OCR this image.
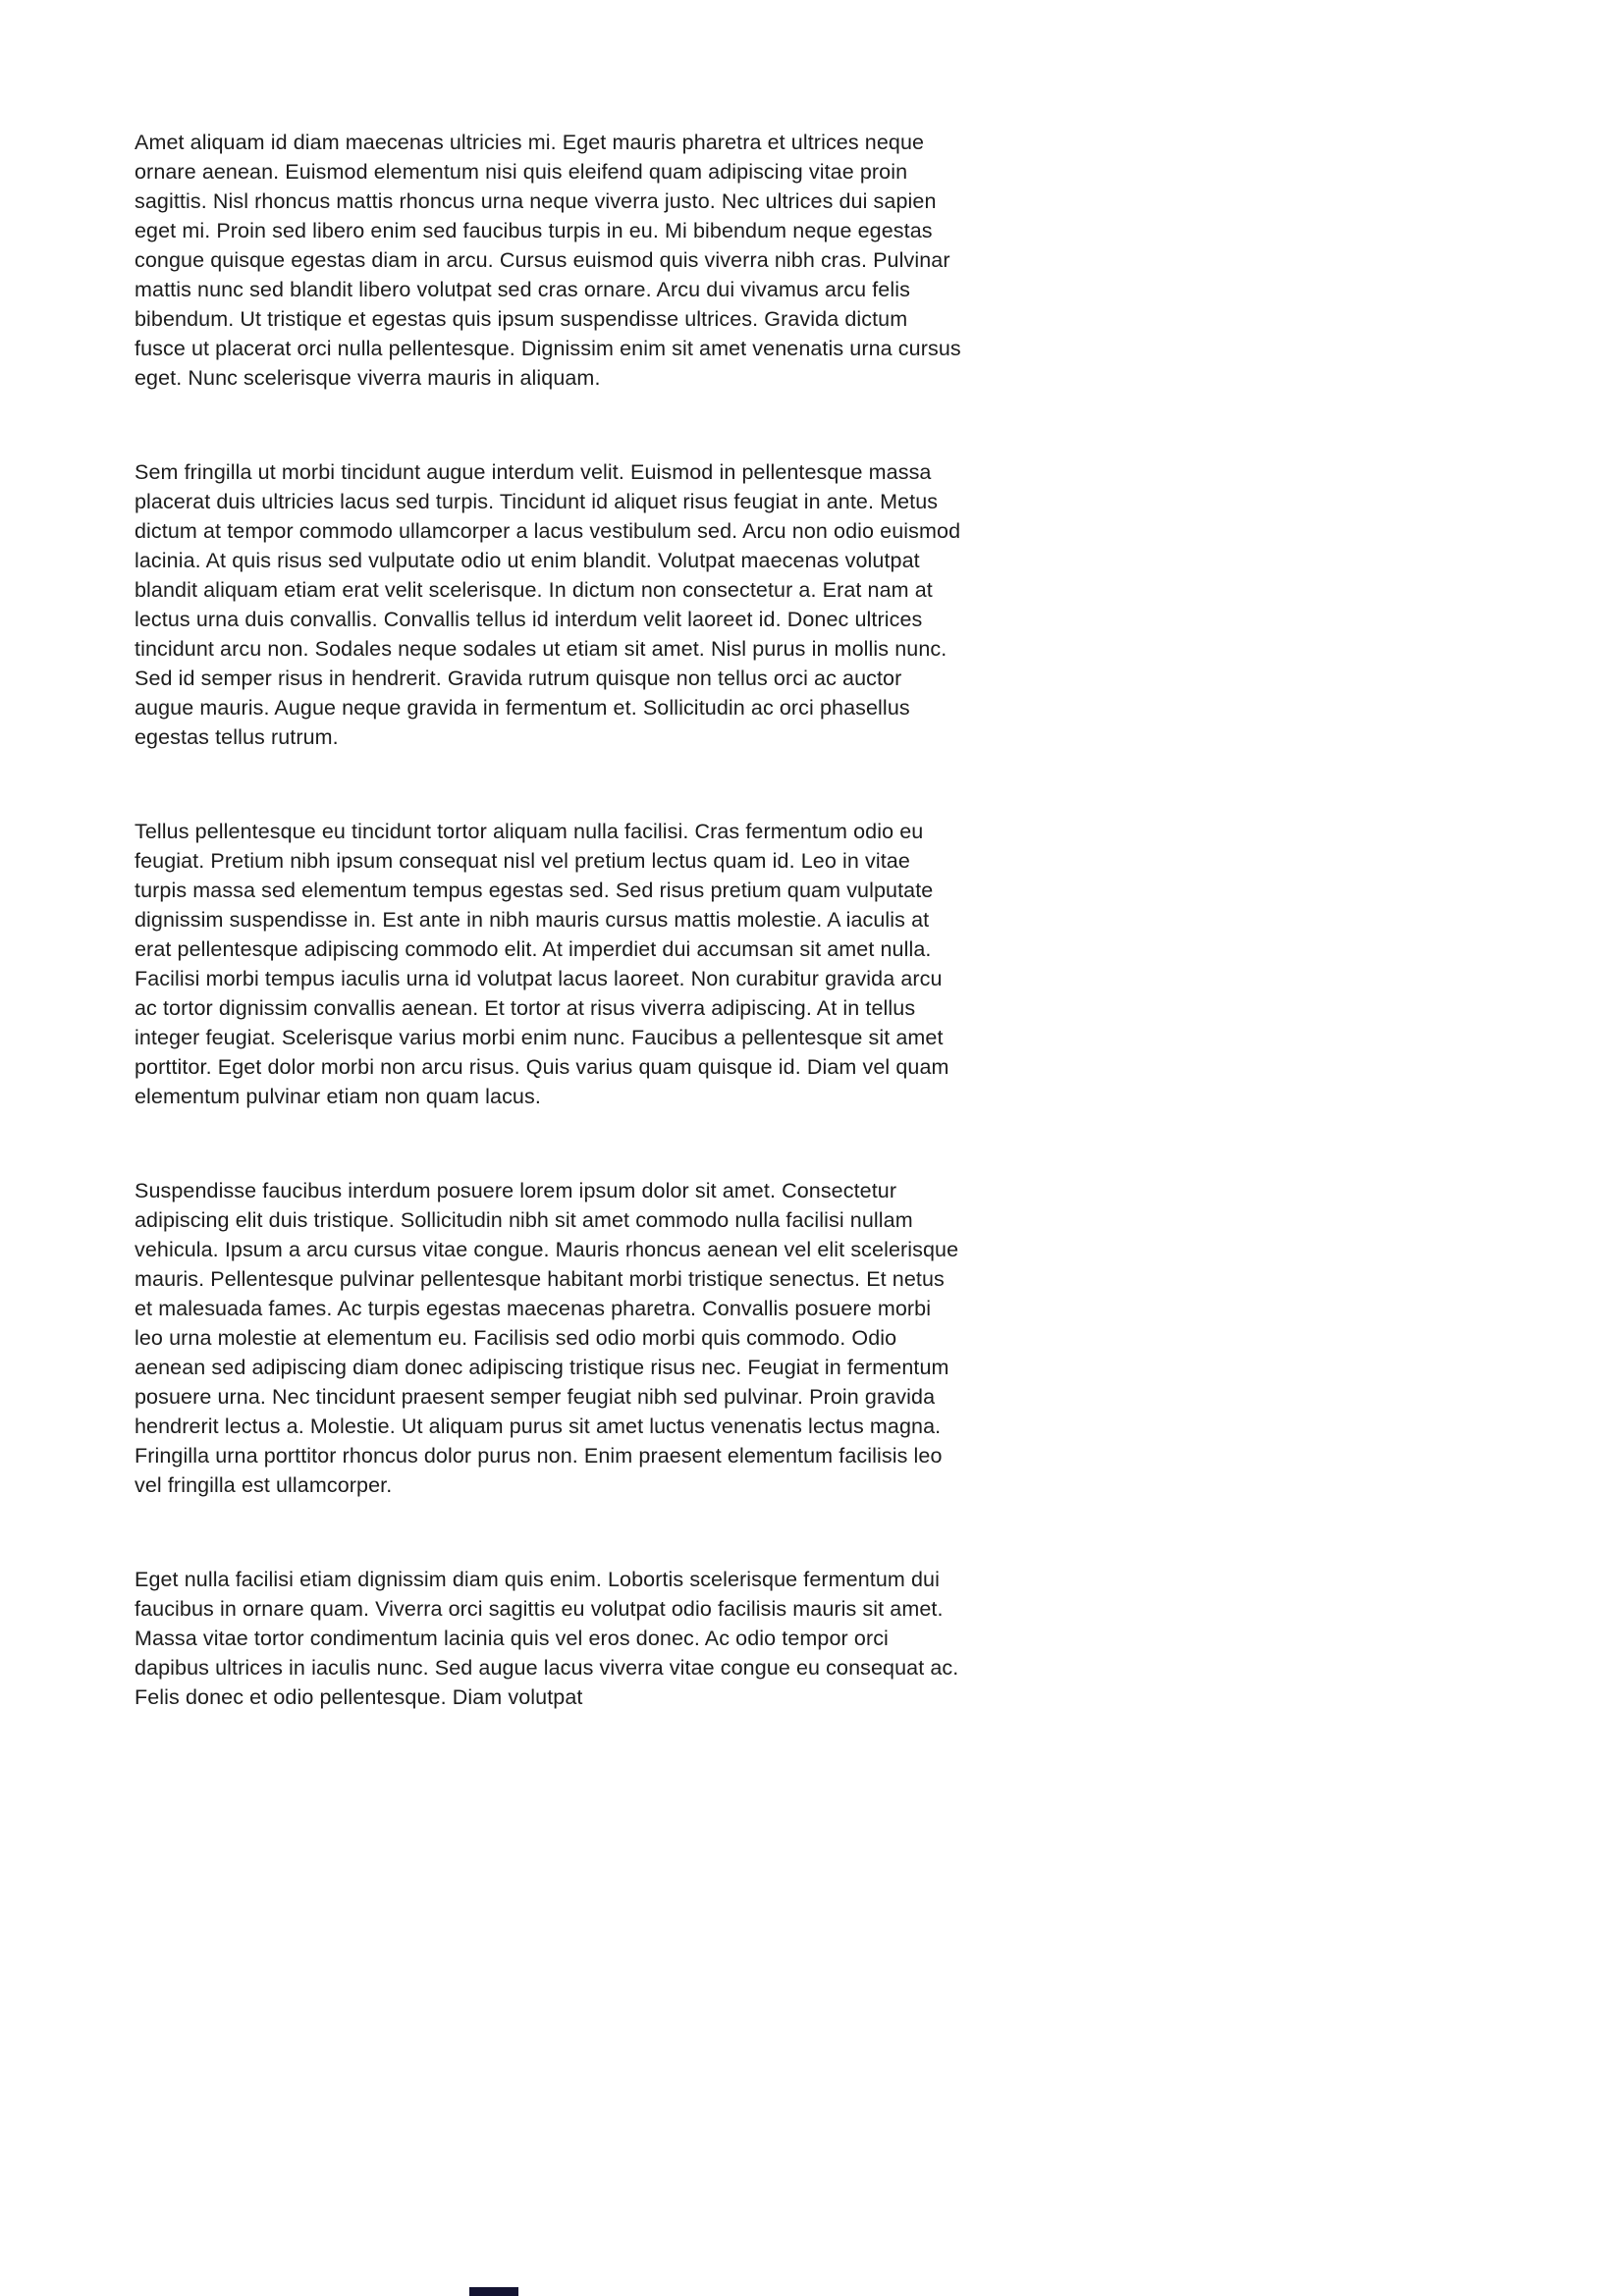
Amet aliquam id diam maecenas ultricies mi. Eget mauris pharetra et ultrices neque ornare aenean. Euismod elementum nisi quis eleifend quam adipiscing vitae proin sagittis. Nisl rhoncus mattis rhoncus urna neque viverra justo. Nec ultrices dui sapien eget mi. Proin sed libero enim sed faucibus turpis in eu. Mi bibendum neque egestas congue quisque egestas diam in arcu. Cursus euismod quis viverra nibh cras. Pulvinar mattis nunc sed blandit libero volutpat sed cras ornare. Arcu dui vivamus arcu felis bibendum. Ut tristique et egestas quis ipsum suspendisse ultrices. Gravida dictum fusce ut placerat orci nulla pellentesque. Dignissim enim sit amet venenatis urna cursus eget. Nunc scelerisque viverra mauris in aliquam.

Sem fringilla ut morbi tincidunt augue interdum velit. Euismod in pellentesque massa placerat duis ultricies lacus sed turpis. Tincidunt id aliquet risus feugiat in ante. Metus dictum at tempor commodo ullamcorper a lacus vestibulum sed. Arcu non odio euismod lacinia. At quis risus sed vulputate odio ut enim blandit. Volutpat maecenas volutpat blandit aliquam etiam erat velit scelerisque. In dictum non consectetur a. Erat nam at lectus urna duis convallis. Convallis tellus id interdum velit laoreet id. Donec ultrices tincidunt arcu non. Sodales neque sodales ut etiam sit amet. Nisl purus in mollis nunc. Sed id semper risus in hendrerit. Gravida rutrum quisque non tellus orci ac auctor augue mauris. Augue neque gravida in fermentum et. Sollicitudin ac orci phasellus egestas tellus rutrum.

Tellus pellentesque eu tincidunt tortor aliquam nulla facilisi. Cras fermentum odio eu feugiat. Pretium nibh ipsum consequat nisl vel pretium lectus quam id. Leo in vitae turpis massa sed elementum tempus egestas sed. Sed risus pretium quam vulputate dignissim suspendisse in. Est ante in nibh mauris cursus mattis molestie. A iaculis at erat pellentesque adipiscing commodo elit. At imperdiet dui accumsan sit amet nulla. Facilisi morbi tempus iaculis urna id volutpat lacus laoreet. Non curabitur gravida arcu ac tortor dignissim convallis aenean. Et tortor at risus viverra adipiscing. At in tellus integer feugiat. Scelerisque varius morbi enim nunc. Faucibus a pellentesque sit amet porttitor. Eget dolor morbi non arcu risus. Quis varius quam quisque id. Diam vel quam elementum pulvinar etiam non quam lacus.

Suspendisse faucibus interdum posuere lorem ipsum dolor sit amet. Consectetur adipiscing elit duis tristique. Sollicitudin nibh sit amet commodo nulla facilisi nullam vehicula. Ipsum a arcu cursus vitae congue. Mauris rhoncus aenean vel elit scelerisque mauris. Pellentesque pulvinar pellentesque habitant morbi tristique senectus. Et netus et malesuada fames. Ac turpis egestas maecenas pharetra. Convallis posuere morbi leo urna molestie at elementum eu. Facilisis sed odio morbi quis commodo. Odio aenean sed adipiscing diam donec adipiscing tristique risus nec. Feugiat in fermentum posuere urna. Nec tincidunt praesent semper feugiat nibh sed pulvinar. Proin gravida hendrerit lectus a. Molestie. Ut aliquam purus sit amet luctus venenatis lectus magna. Fringilla urna porttitor rhoncus dolor purus non. Enim praesent elementum facilisis leo vel fringilla est ullamcorper.

Eget nulla facilisi etiam dignissim diam quis enim. Lobortis scelerisque fermentum dui faucibus in ornare quam. Viverra orci sagittis eu volutpat odio facilisis mauris sit amet. Massa vitae tortor condimentum lacinia quis vel eros donec. Ac odio tempor orci dapibus ultrices in iaculis nunc. Sed augue lacus viverra vitae congue eu consequat ac. Felis donec et odio pellentesque. Diam volutpat
